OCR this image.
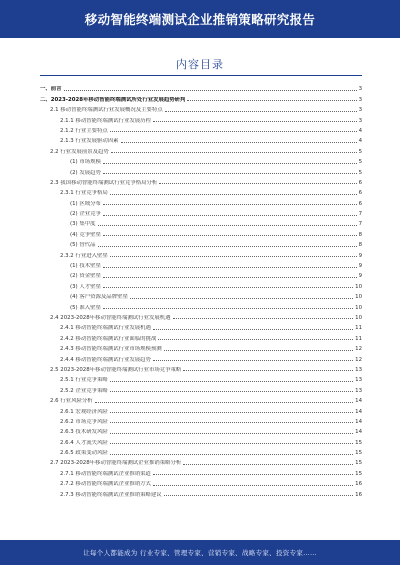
移动智能终端测试企业推销策略研究报告
内容目录
一、前言	3
二、2023-2028年移动智能终端测试所处行业发展趋势研判	3
2.1 移动智能终端测试行业发展概况及主要特点	3
2.1.1 移动智能终端测试行业发展历程	3
2.1.2 行业主要特点	4
2.1.3 行业发展驱动因素	4
2.2 行业发展前景及趋势	5
(1) 市场规模	5
(2) 发展趋势	5
2.3 我国移动智能终端测试行业竞争格局分析	6
2.3.1 行业竞争格局	6
(1) 区域分布	6
(2) 企业竞争	7
(3) 集中度	7
(4) 竞争壁垒	8
(5) 替代品	8
2.3.2 行业进入壁垒	9
(1) 技术壁垒	9
(2) 资金壁垒	9
(3) 人才壁垒	10
(4) 客户资源及品牌壁垒	10
(5) 准入壁垒	10
2.4 2023-2028年移动智能终端测试行业发展机遇	10
2.4.1 移动智能终端测试行业发展机遇	11
2.4.2 移动智能终端测试行业面临的挑战	11
2.4.3 移动智能终端测试行业市场规模预测	12
2.4.4 移动智能终端测试行业发展趋势	12
2.5 2023-2028年移动智能终端测试行业市场竞争策略	13
2.5.1 行业竞争策略	13
2.5.2 企业竞争策略	13
2.6 行业风险分析	14
2.6.1 宏观经济风险	14
2.6.2 市场竞争风险	14
2.6.3 技术研发风险	14
2.6.4 人才流失风险	15
2.6.5 政策变动风险	15
2.7 2023-2028年移动智能终端测试企业推销策略分析	15
2.7.1 移动智能终端测试企业推销渠道	15
2.7.2 移动智能终端测试企业推销方式	16
2.7.3 移动智能终端测试企业推销策略建议	16
让每个人都能成为 行业专家、管理专家、营销专家、战略专家、投资专家……
